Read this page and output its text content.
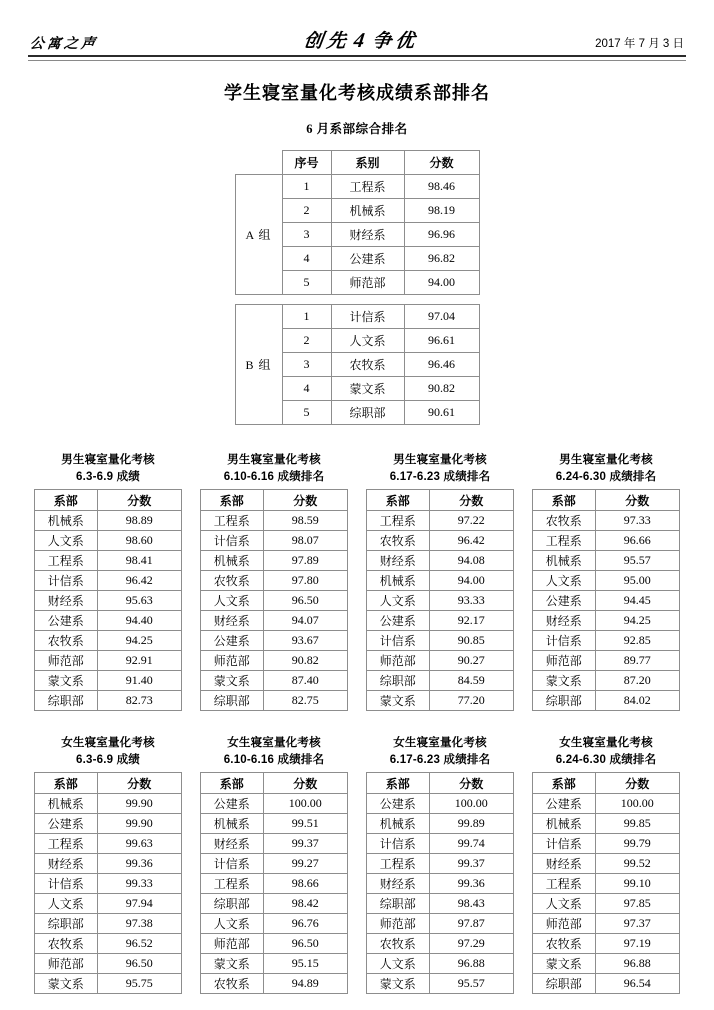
公寓之声	创先4争优	2017 年 7 月 3 日
学生寝室量化考核成绩系部排名
6 月系部综合排名
	序号	系别	分数
A 组	1	工程系	98.46
	2	机械系	98.19
	3	财经系	96.96
	4	公建系	96.82
	5	师范部	94.00

B 组	1	计信系	97.04
	2	人文系	96.61
	3	农牧系	96.46
	4	蒙文系	90.82
	5	综职部	90.61
男生寝室量化考核
6.3-6.9 成绩
系部	分数
机械系	98.89
人文系	98.60
工程系	98.41
计信系	96.42
财经系	95.63
公建系	94.40
农牧系	94.25
师范部	92.91
蒙文系	91.40
综职部	82.73
男生寝室量化考核
6.10-6.16 成绩排名
系部	分数
工程系	98.59
计信系	98.07
机械系	97.89
农牧系	97.80
人文系	96.50
财经系	94.07
公建系	93.67
师范部	90.82
蒙文系	87.40
综职部	82.75
男生寝室量化考核
6.17-6.23 成绩排名
系部	分数
工程系	97.22
农牧系	96.42
财经系	94.08
机械系	94.00
人文系	93.33
公建系	92.17
计信系	90.85
师范部	90.27
综职部	84.59
蒙文系	77.20
男生寝室量化考核
6.24-6.30 成绩排名
系部	分数
农牧系	97.33
工程系	96.66
机械系	95.57
人文系	95.00
公建系	94.45
财经系	94.25
计信系	92.85
师范部	89.77
蒙文系	87.20
综职部	84.02
女生寝室量化考核
6.3-6.9 成绩
系部	分数
机械系	99.90
公建系	99.90
工程系	99.63
财经系	99.36
计信系	99.33
人文系	97.94
综职部	97.38
农牧系	96.52
师范部	96.50
蒙文系	95.75
女生寝室量化考核
6.10-6.16 成绩排名
系部	分数
公建系	100.00
机械系	99.51
财经系	99.37
计信系	99.27
工程系	98.66
综职部	98.42
人文系	96.76
师范部	96.50
蒙文系	95.15
农牧系	94.89
女生寝室量化考核
6.17-6.23 成绩排名
系部	分数
公建系	100.00
机械系	99.89
计信系	99.74
工程系	99.37
财经系	99.36
综职部	98.43
师范部	97.87
农牧系	97.29
人文系	96.88
蒙文系	95.57
女生寝室量化考核
6.24-6.30 成绩排名
系部	分数
公建系	100.00
机械系	99.85
计信系	99.79
财经系	99.52
工程系	99.10
人文系	97.85
师范部	97.37
农牧系	97.19
蒙文系	96.88
综职部	96.54
